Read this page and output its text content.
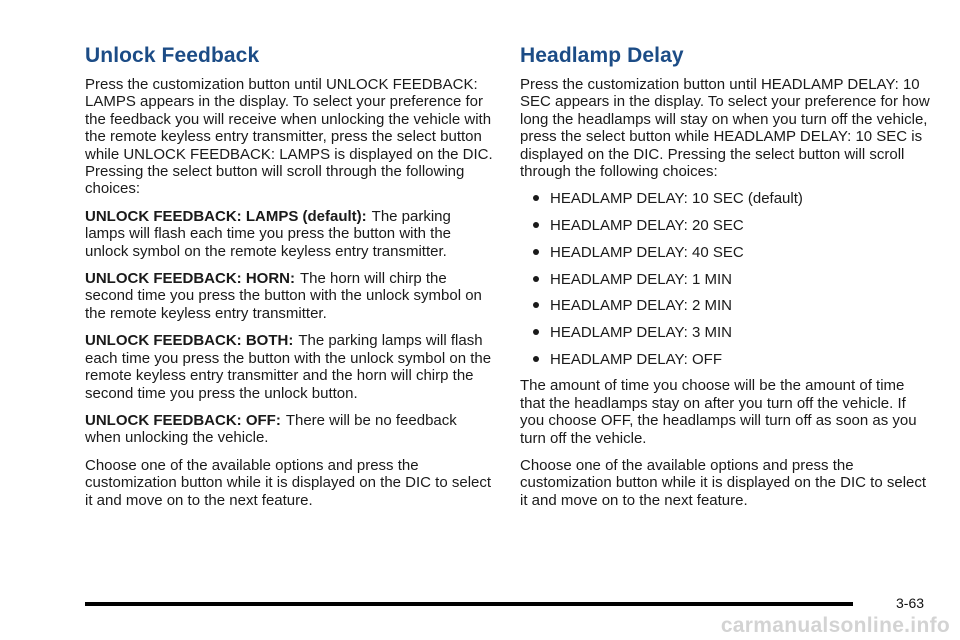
Unlock Feedback

Press the customization button until UNLOCK FEEDBACK: LAMPS appears in the display. To select your preference for the feedback you will receive when unlocking the vehicle with the remote keyless entry transmitter, press the select button while UNLOCK FEEDBACK: LAMPS is displayed on the DIC. Pressing the select button will scroll through the following choices:

UNLOCK FEEDBACK: LAMPS (default): The parking lamps will flash each time you press the button with the unlock symbol on the remote keyless entry transmitter.

UNLOCK FEEDBACK: HORN: The horn will chirp the second time you press the button with the unlock symbol on the remote keyless entry transmitter.

UNLOCK FEEDBACK: BOTH: The parking lamps will flash each time you press the button with the unlock symbol on the remote keyless entry transmitter and the horn will chirp the second time you press the unlock button.

UNLOCK FEEDBACK: OFF: There will be no feedback when unlocking the vehicle.

Choose one of the available options and press the customization button while it is displayed on the DIC to select it and move on to the next feature.

Headlamp Delay

Press the customization button until HEADLAMP DELAY: 10 SEC appears in the display. To select your preference for how long the headlamps will stay on when you turn off the vehicle, press the select button while HEADLAMP DELAY: 10 SEC is displayed on the DIC. Pressing the select button will scroll through the following choices:

HEADLAMP DELAY: 10 SEC (default)
HEADLAMP DELAY: 20 SEC
HEADLAMP DELAY: 40 SEC
HEADLAMP DELAY: 1 MIN
HEADLAMP DELAY: 2 MIN
HEADLAMP DELAY: 3 MIN
HEADLAMP DELAY: OFF

The amount of time you choose will be the amount of time that the headlamps stay on after you turn off the vehicle. If you choose OFF, the headlamps will turn off as soon as you turn off the vehicle.

Choose one of the available options and press the customization button while it is displayed on the DIC to select it and move on to the next feature.

3-63
carmanualsonline.info
